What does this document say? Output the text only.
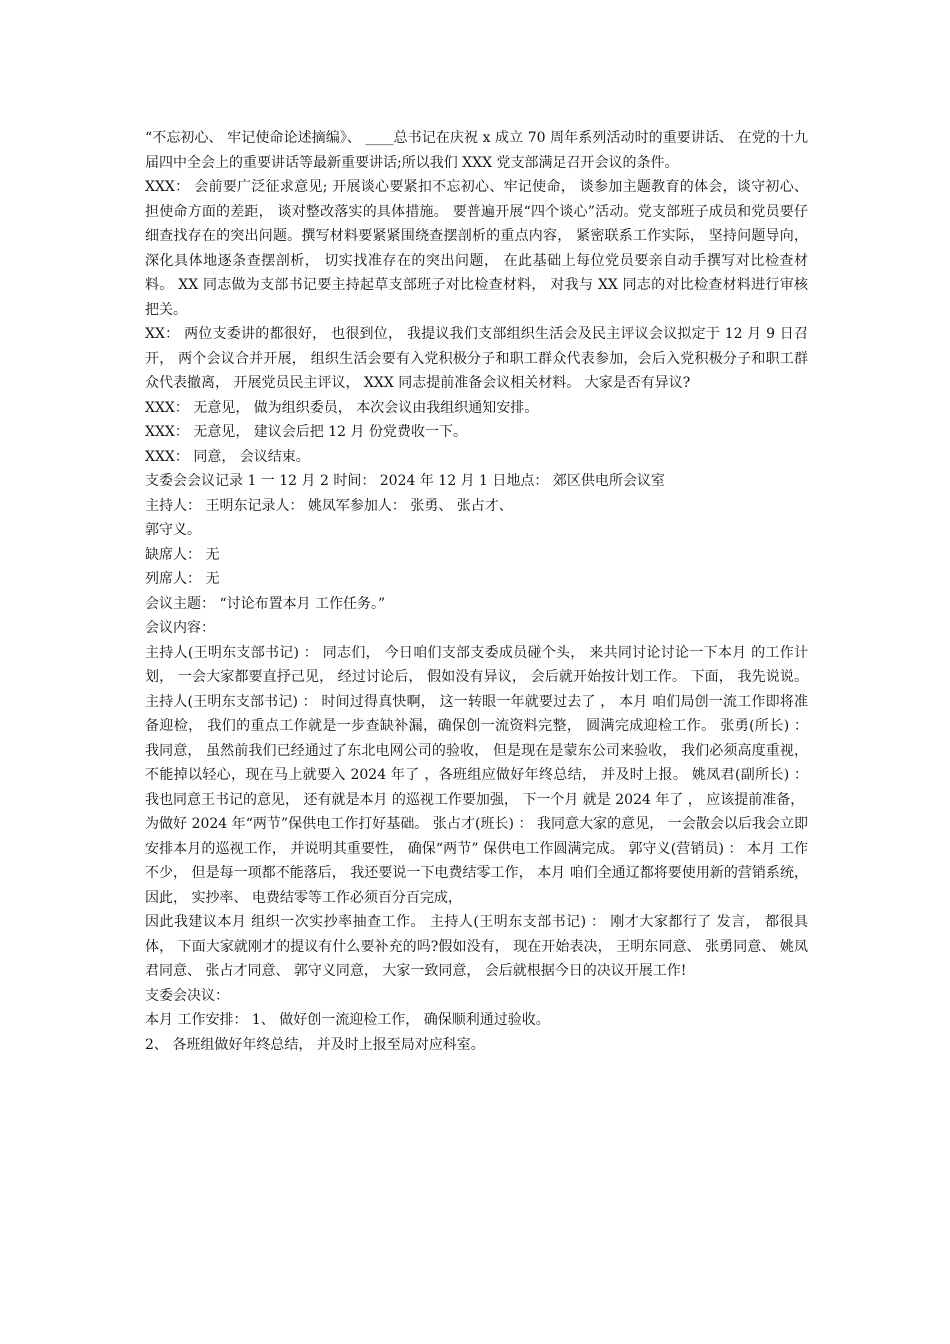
“不忘初心、 牢记使命论述摘编》、 ____总书记在庆祝 x 成立 70 周年系列活动时的重要讲话、 在党的十九届四中全会上的重要讲话等最新重要讲话;所以我们 XXX 党支部满足召开会议的条件。

XXX： 会前要广泛征求意见; 开展谈心要紧扣不忘初心、牢记使命， 谈参加主题教育的体会，谈守初心、 担使命方面的差距， 谈对整改落实的具体措施。 要普遍开展“四个谈心”活动。党支部班子成员和党员要仔细查找存在的突出问题。撰写材料要紧紧围绕查摆剖析的重点内容， 紧密联系工作实际， 坚持问题导向， 深化具体地逐条查摆剖析， 切实找准存在的突出问题， 在此基础上每位党员要亲自动手撰写对比检查材料。 XX 同志做为支部书记要主持起草支部班子对比检查材料， 对我与 XX 同志的对比检查材料进行审核把关。

XX： 两位支委讲的都很好， 也很到位， 我提议我们支部组织生活会及民主评议会议拟定于 12 月 9 日召开， 两个会议合并开展， 组织生活会要有入党积极分子和职工群众代表参加，会后入党积极分子和职工群众代表撤离， 开展党员民主评议， XXX 同志提前准备会议相关材料。 大家是否有异议?

XXX： 无意见， 做为组织委员， 本次会议由我组织通知安排。

XXX： 无意见， 建议会后把 12 月 份党费收一下。

XXX： 同意， 会议结束。

支委会会议记录 1 一 12 月 2 时间： 2024 年 12 月 1 日地点： 郊区供电所会议室

主持人： 王明东记录人： 姚凤军参加人： 张勇、 张占才、

郭守义。

缺席人： 无

列席人： 无

会议主题： “讨论布置本月 工作任务。”

会议内容：

主持人(王明东支部书记) ： 同志们， 今日咱们支部支委成员碰个头， 来共同讨论讨论一下本月 的工作计划， 一会大家都要直抒己见， 经过讨论后， 假如没有异议， 会后就开始按计划工作。 下面， 我先说说。 主持人(王明东支部书记) ： 时间过得真快啊， 这一转眼一年就要过去了 ， 本月 咱们局创一流工作即将准备迎检， 我们的重点工作就是一步查缺补漏，确保创一流资料完整， 圆满完成迎检工作。 张勇(所长) ： 我同意， 虽然前我们已经通过了东北电网公司的验收， 但是现在是蒙东公司来验收， 我们必须高度重视， 不能掉以轻心，现在马上就要入 2024 年了 ，各班组应做好年终总结， 并及时上报。 姚凤君(副所长) ： 我也同意王书记的意见， 还有就是本月 的巡视工作要加强， 下一个月 就是 2024 年了 ， 应该提前准备，

为做好 2024 年“两节”保供电工作打好基础。 张占才(班长) ： 我同意大家的意见， 一会散会以后我会立即安排本月的巡视工作， 并说明其重要性， 确保“两节” 保供电工作圆满完成。 郭守义(营销员) ： 本月 工作不少， 但是每一项都不能落后， 我还要说一下电费结零工作， 本月 咱们全通辽都将要使用新的营销系统， 因此， 实抄率、 电费结零等工作必须百分百完成，

因此我建议本月 组织一次实抄率抽查工作。 主持人(王明东支部书记) ： 刚才大家都行了 发言， 都很具体， 下面大家就刚才的提议有什么要补充的吗?假如没有， 现在开始表决， 王明东同意、 张勇同意、 姚凤君同意、 张占才同意、 郭守义同意， 大家一致同意， 会后就根据今日的决议开展工作!

支委会决议：

本月 工作安排： 1、 做好创一流迎检工作， 确保顺利通过验收。

2、 各班组做好年终总结， 并及时上报至局对应科室。
